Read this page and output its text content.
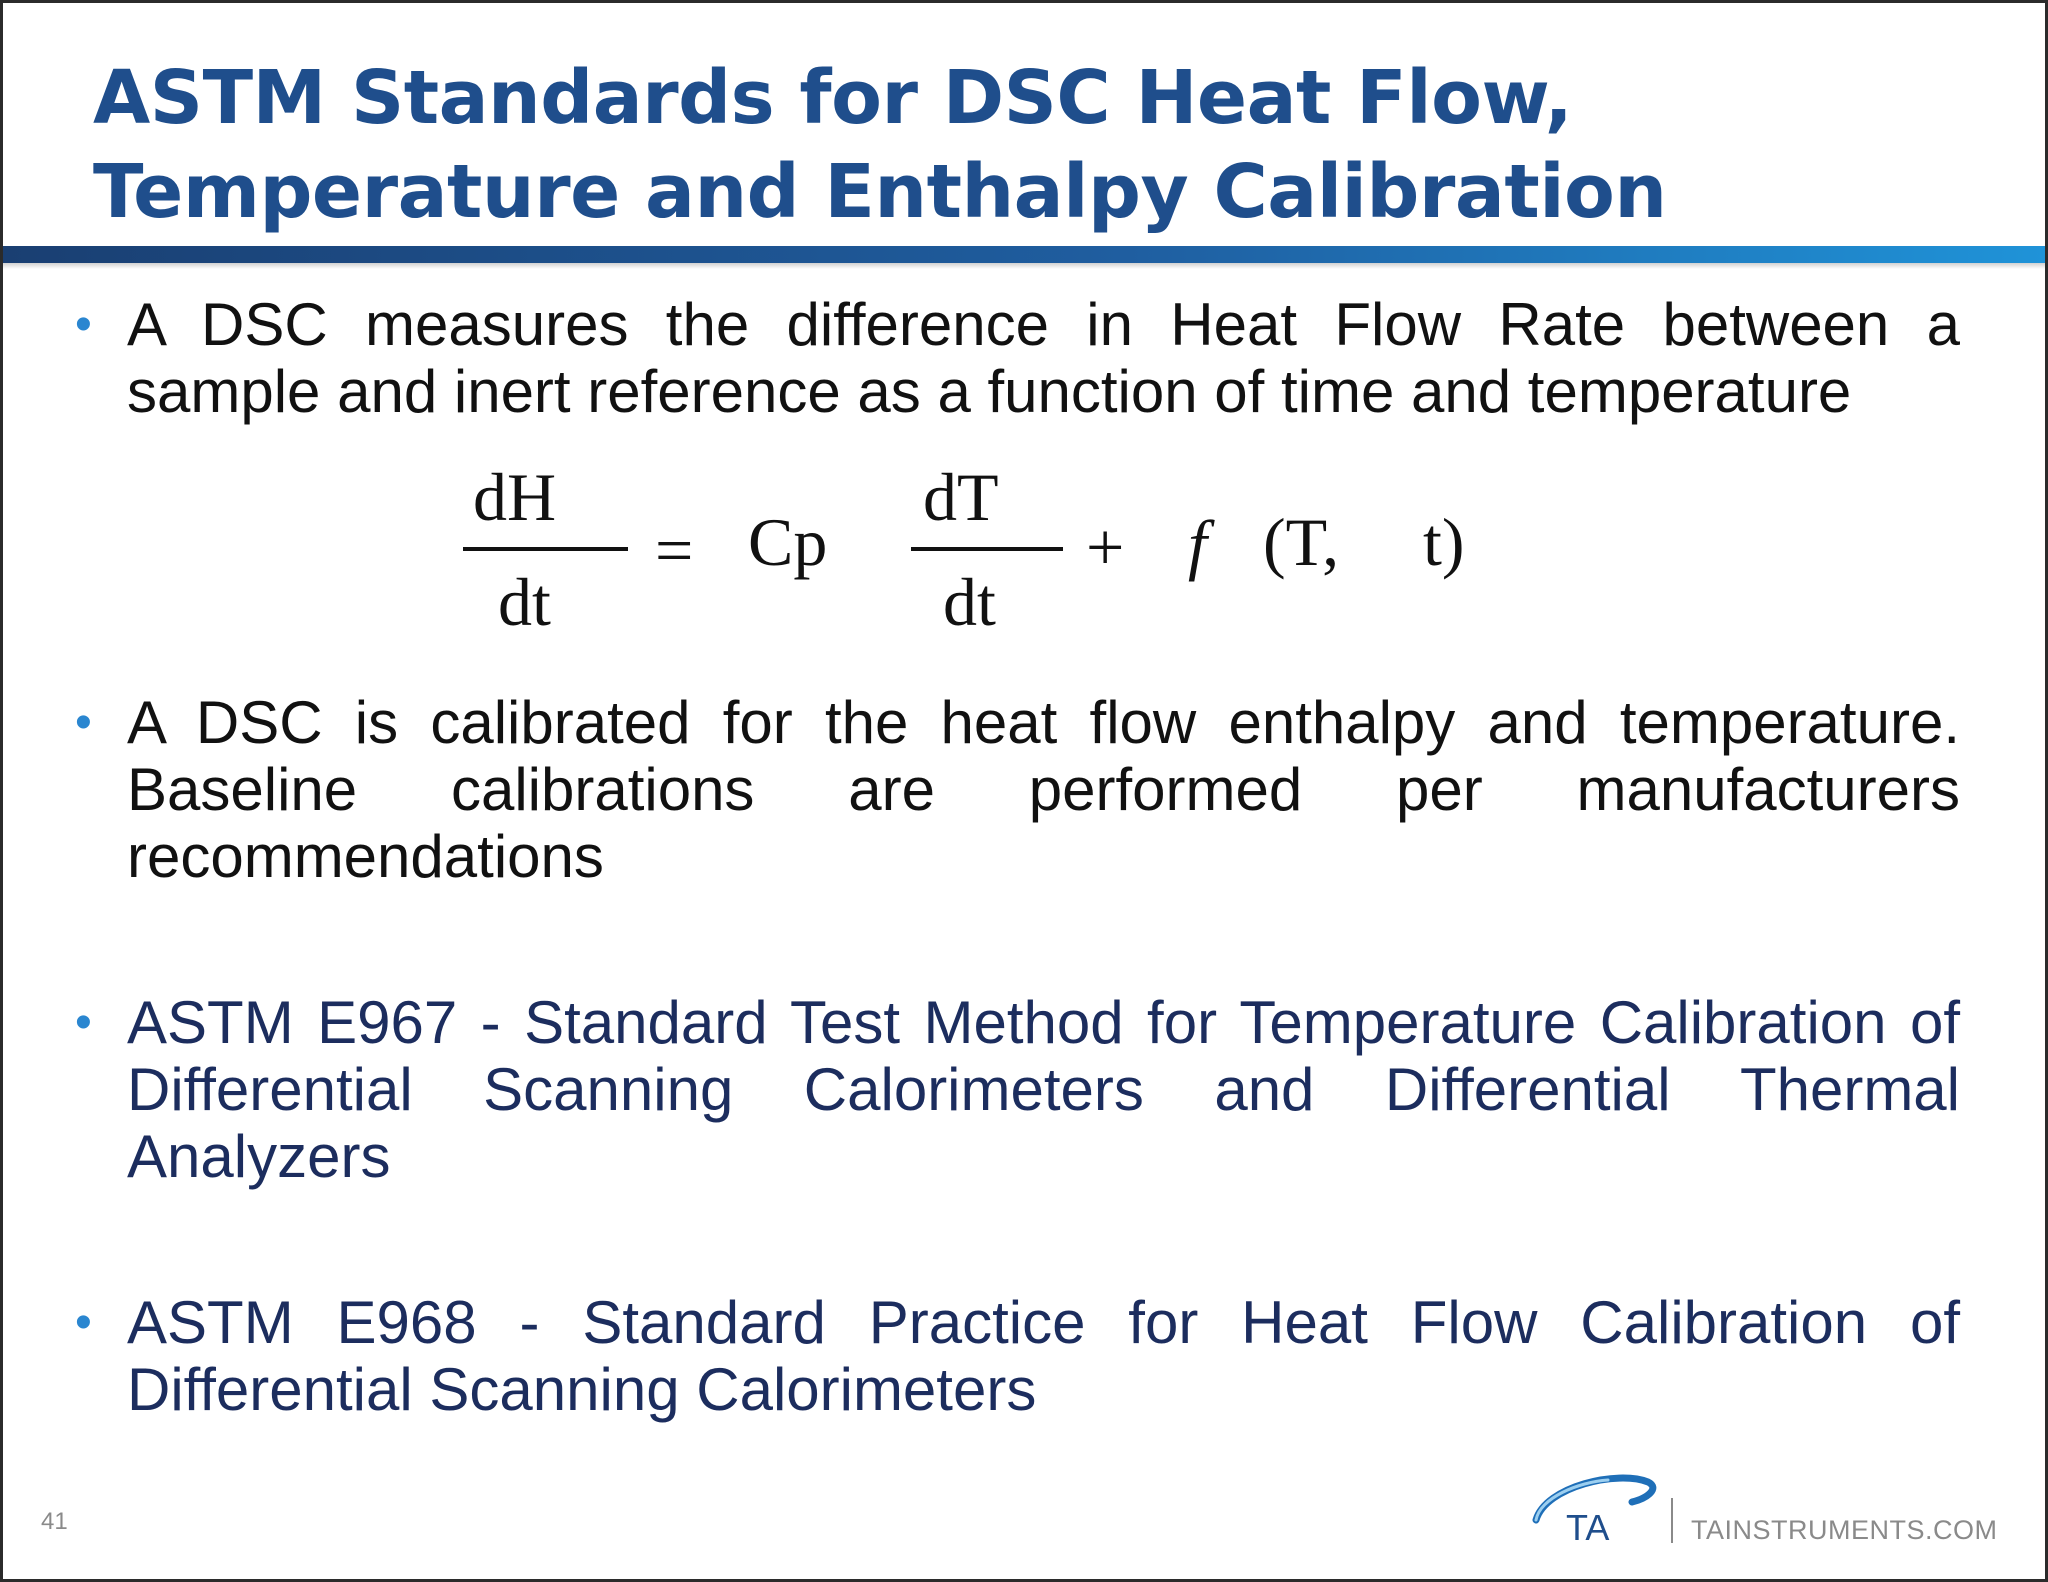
ASTM Standards for DSC Heat Flow, Temperature and Enthalpy Calibration
• A DSC measures the difference in Heat Flow Rate between a sample and inert reference as a function of time and temperature
dH
dt
= Cp
dT
dt
+ f (T, t)
• A DSC is calibrated for the heat flow enthalpy and temperature. Baseline calibrations are performed per manufacturers recommendations
• ASTM E967 - Standard Test Method for Temperature Calibration of Differential Scanning Calorimeters and Differential Thermal Analyzers
• ASTM E968 - Standard Practice for Heat Flow Calibration of Differential Scanning Calorimeters
41	TA	TAINSTRUMENTS.COM
